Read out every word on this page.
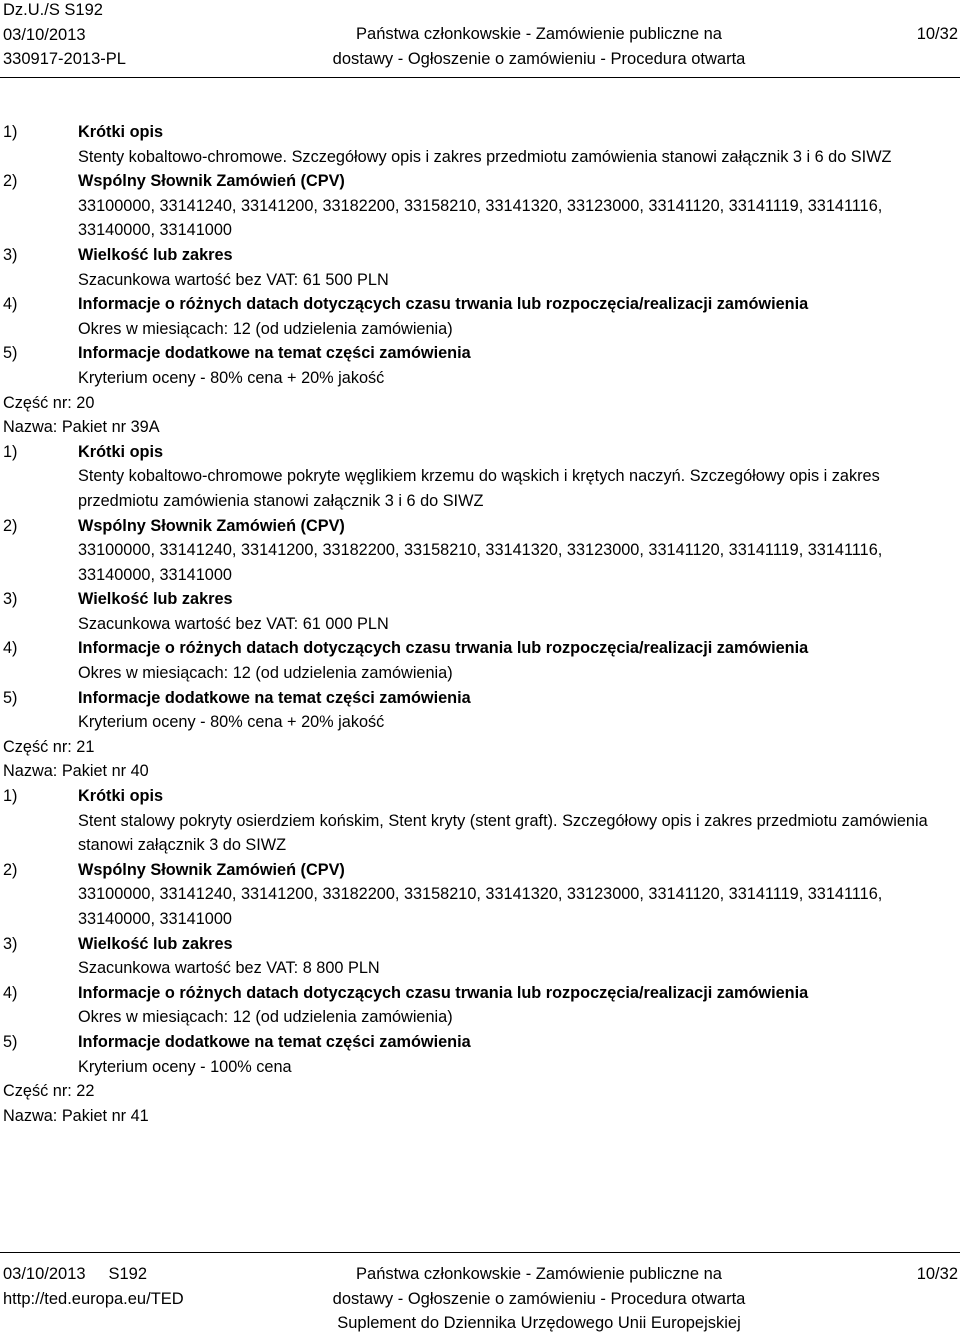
Dz.U./S S192
03/10/2013
330917-2013-PL
Państwa członkowskie - Zamówienie publiczne na
dostawy - Ogłoszenie o zamówieniu - Procedura otwarta
10/32
1)	Krótki opis
Stenty kobaltowo-chromowe. Szczegółowy opis i zakres przedmiotu zamówienia stanowi załącznik 3 i 6 do SIWZ
2)	Wspólny Słownik Zamówień (CPV)
33100000, 33141240, 33141200, 33182200, 33158210, 33141320, 33123000, 33141120, 33141119, 33141116, 33140000, 33141000
3)	Wielkość lub zakres
Szacunkowa wartość bez VAT: 61 500 PLN
4)	Informacje o różnych datach dotyczących czasu trwania lub rozpoczęcia/realizacji zamówienia
Okres w miesiącach: 12 (od udzielenia zamówienia)
5)	Informacje dodatkowe na temat części zamówienia
Kryterium oceny - 80% cena + 20% jakość
Część nr: 20
Nazwa: Pakiet nr 39A
1)	Krótki opis
Stenty kobaltowo-chromowe pokryte węglikiem krzemu do wąskich i krętych naczyń. Szczegółowy opis i zakres przedmiotu zamówienia stanowi załącznik 3 i 6 do SIWZ
2)	Wspólny Słownik Zamówień (CPV)
33100000, 33141240, 33141200, 33182200, 33158210, 33141320, 33123000, 33141120, 33141119, 33141116, 33140000, 33141000
3)	Wielkość lub zakres
Szacunkowa wartość bez VAT: 61 000 PLN
4)	Informacje o różnych datach dotyczących czasu trwania lub rozpoczęcia/realizacji zamówienia
Okres w miesiącach: 12 (od udzielenia zamówienia)
5)	Informacje dodatkowe na temat części zamówienia
Kryterium oceny - 80% cena + 20% jakość
Część nr: 21
Nazwa: Pakiet nr 40
1)	Krótki opis
Stent stalowy pokryty osierdziem końskim, Stent kryty (stent graft). Szczegółowy opis i zakres przedmiotu zamówienia stanowi załącznik 3 do SIWZ
2)	Wspólny Słownik Zamówień (CPV)
33100000, 33141240, 33141200, 33182200, 33158210, 33141320, 33123000, 33141120, 33141119, 33141116, 33140000, 33141000
3)	Wielkość lub zakres
Szacunkowa wartość bez VAT: 8 800 PLN
4)	Informacje o różnych datach dotyczących czasu trwania lub rozpoczęcia/realizacji zamówienia
Okres w miesiącach: 12 (od udzielenia zamówienia)
5)	Informacje dodatkowe na temat części zamówienia
Kryterium oceny - 100% cena
Część nr: 22
Nazwa: Pakiet nr 41
03/10/2013     S192
http://ted.europa.eu/TED
Państwa członkowskie - Zamówienie publiczne na
dostawy - Ogłoszenie o zamówieniu - Procedura otwarta
Suplement do Dziennika Urzędowego Unii Europejskiej
10/32
